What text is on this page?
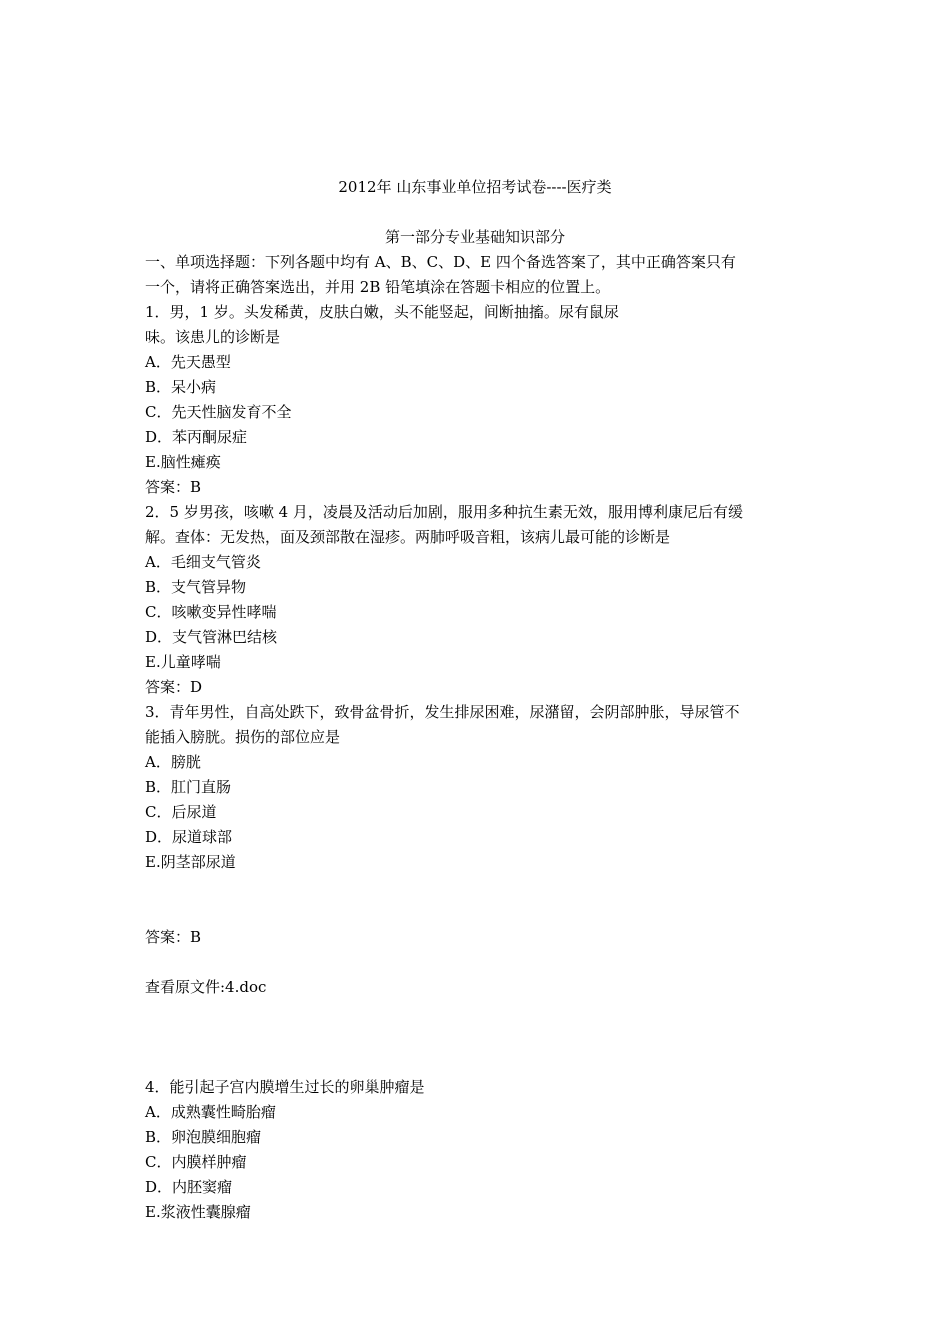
2012年 山东事业单位招考试卷----医疗类
第一部分专业基础知识部分
一、单项选择题：下列各题中均有 A、B、C、D、E 四个备选答案了，其中正确答案只有
一个，请将正确答案选出，并用 2B 铅笔填涂在答题卡相应的位置上。
1．男，1 岁。头发稀黄，皮肤白嫩，头不能竖起，间断抽搐。尿有鼠尿
味。该患儿的诊断是
A．先天愚型
B．呆小病
C．先天性脑发育不全
D．苯丙酮尿症
E.脑性瘫痪
答案：B
2．5 岁男孩，咳嗽 4 月，凌晨及活动后加剧，服用多种抗生素无效，服用博利康尼后有缓
解。查体：无发热，面及颈部散在湿疹。两肺呼吸音粗，该病儿最可能的诊断是
A．毛细支气管炎
B．支气管异物
C．咳嗽变异性哮喘
D．支气管淋巴结核
E.儿童哮喘
答案：D
3．青年男性，自高处跌下，致骨盆骨折，发生排尿困难，尿潴留，会阴部肿胀，导尿管不
能插入膀胱。损伤的部位应是
A．膀胱
B．肛门直肠
C．后尿道
D．尿道球部
E.阴茎部尿道
答案：B
查看原文件:4.doc
4．能引起子宫内膜增生过长的卵巢肿瘤是
A．成熟囊性畸胎瘤
B．卵泡膜细胞瘤
C．内膜样肿瘤
D．内胚窦瘤
E.浆液性囊腺瘤
